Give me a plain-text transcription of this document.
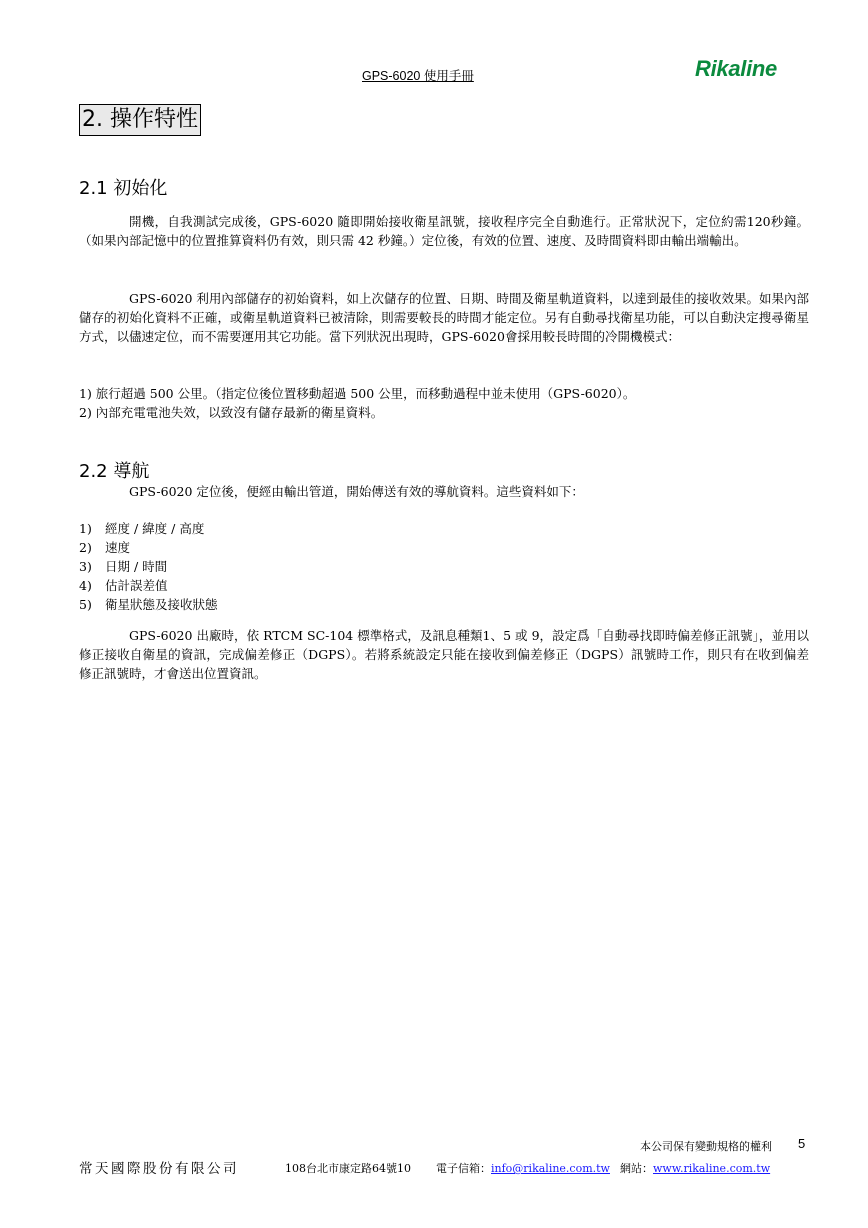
GPS-6020 使用手冊	Rikaline
2. 操作特性
2.1 初始化

開機，自我測試完成後，GPS-6020 隨即開始接收衛星訊號，接收程序完全自動進行。正常狀況下，定位約需120秒鐘。（如果內部記憶中的位置推算資料仍有效，則只需 42 秒鐘。）定位後，有效的位置、速度、及時間資料即由輸出端輸出。

GPS-6020 利用內部儲存的初始資料，如上次儲存的位置、日期、時間及衛星軌道資料，以達到最佳的接收效果。如果內部儲存的初始化資料不正確，或衛星軌道資料已被清除，則需要較長的時間才能定位。另有自動尋找衛星功能，可以自動決定搜尋衛星方式，以儘速定位，而不需要運用其它功能。當下列狀況出現時，GPS-6020會採用較長時間的冷開機模式：

1) 旅行超過 500 公里。（指定位後位置移動超過 500 公里，而移動過程中並未使用（GPS-6020）。
2) 內部充電電池失效，以致沒有儲存最新的衛星資料。
2.2 導航

GPS-6020 定位後，便經由輸出管道，開始傳送有效的導航資料。這些資料如下：

1) 經度 / 緯度 / 高度
2) 速度
3) 日期 / 時間
4) 估計誤差值
5) 衛星狀態及接收狀態

GPS-6020 出廠時，依 RTCM SC-104 標準格式，及訊息種類1、5 或 9，設定爲「自動尋找即時偏差修正訊號」，並用以修正接收自衛星的資訊，完成偏差修正（DGPS）。若將系統設定只能在接收到偏差修正（DGPS）訊號時工作，則只有在收到偏差修正訊號時，才會送出位置資訊。

本公司保有變動規格的權利 5
常天國際股份有限公司	108台北市康定路64號10 電子信箱：info@rikaline.com.tw 網站：www.rikaline.com.tw
